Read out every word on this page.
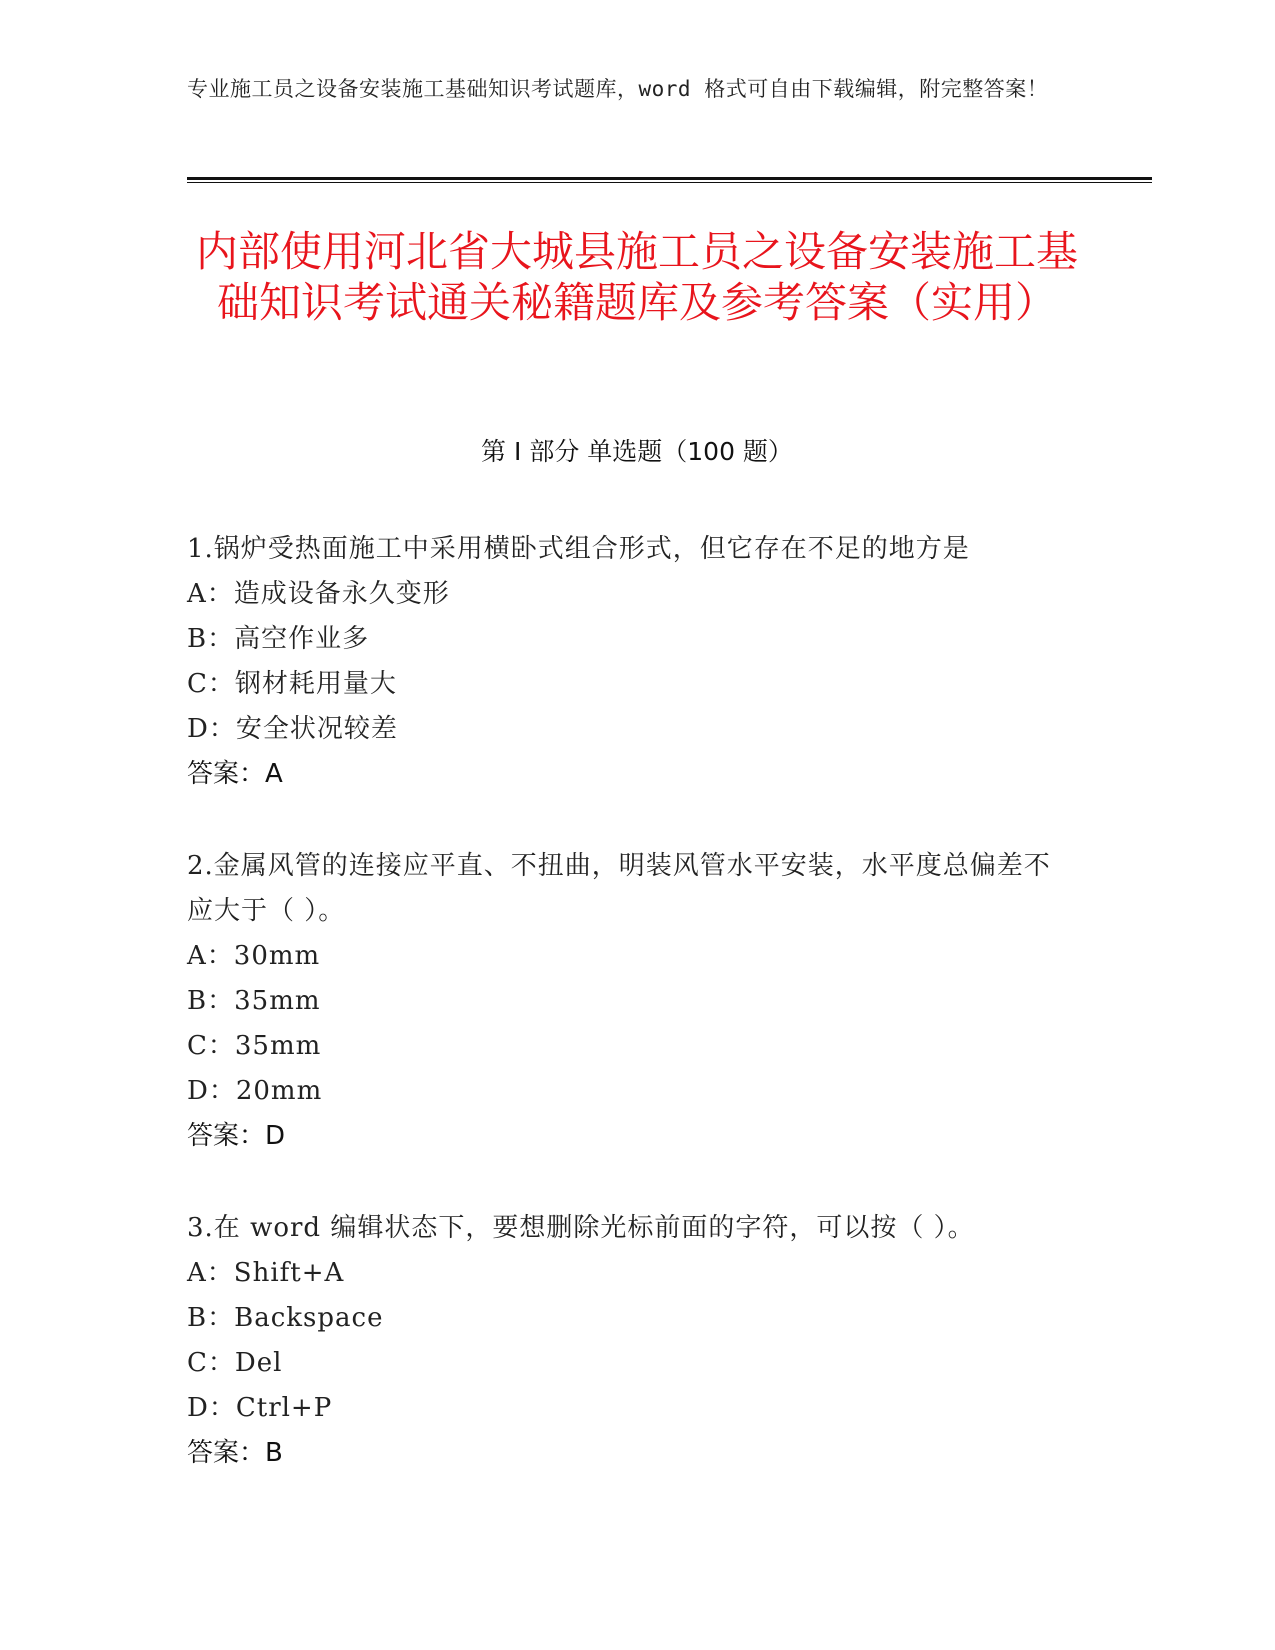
专业施工员之设备安装施工基础知识考试题库，word 格式可自由下载编辑，附完整答案！
内部使用河北省大城县施工员之设备安装施工基础知识考试通关秘籍题库及参考答案（实用）
第 I 部分 单选题（100 题）
1.锅炉受热面施工中采用横卧式组合形式，但它存在不足的地方是
A：造成设备永久变形
B：高空作业多
C：钢材耗用量大
D：安全状况较差
答案：A
2.金属风管的连接应平直、不扭曲，明装风管水平安装，水平度总偏差不应大于（ ）。
A：30mm
B：35mm
C：35mm
D：20mm
答案：D
3.在 word 编辑状态下，要想删除光标前面的字符，可以按（ ）。
A：Shift+A
B：Backspace
C：Del
D：Ctrl+P
答案：B
